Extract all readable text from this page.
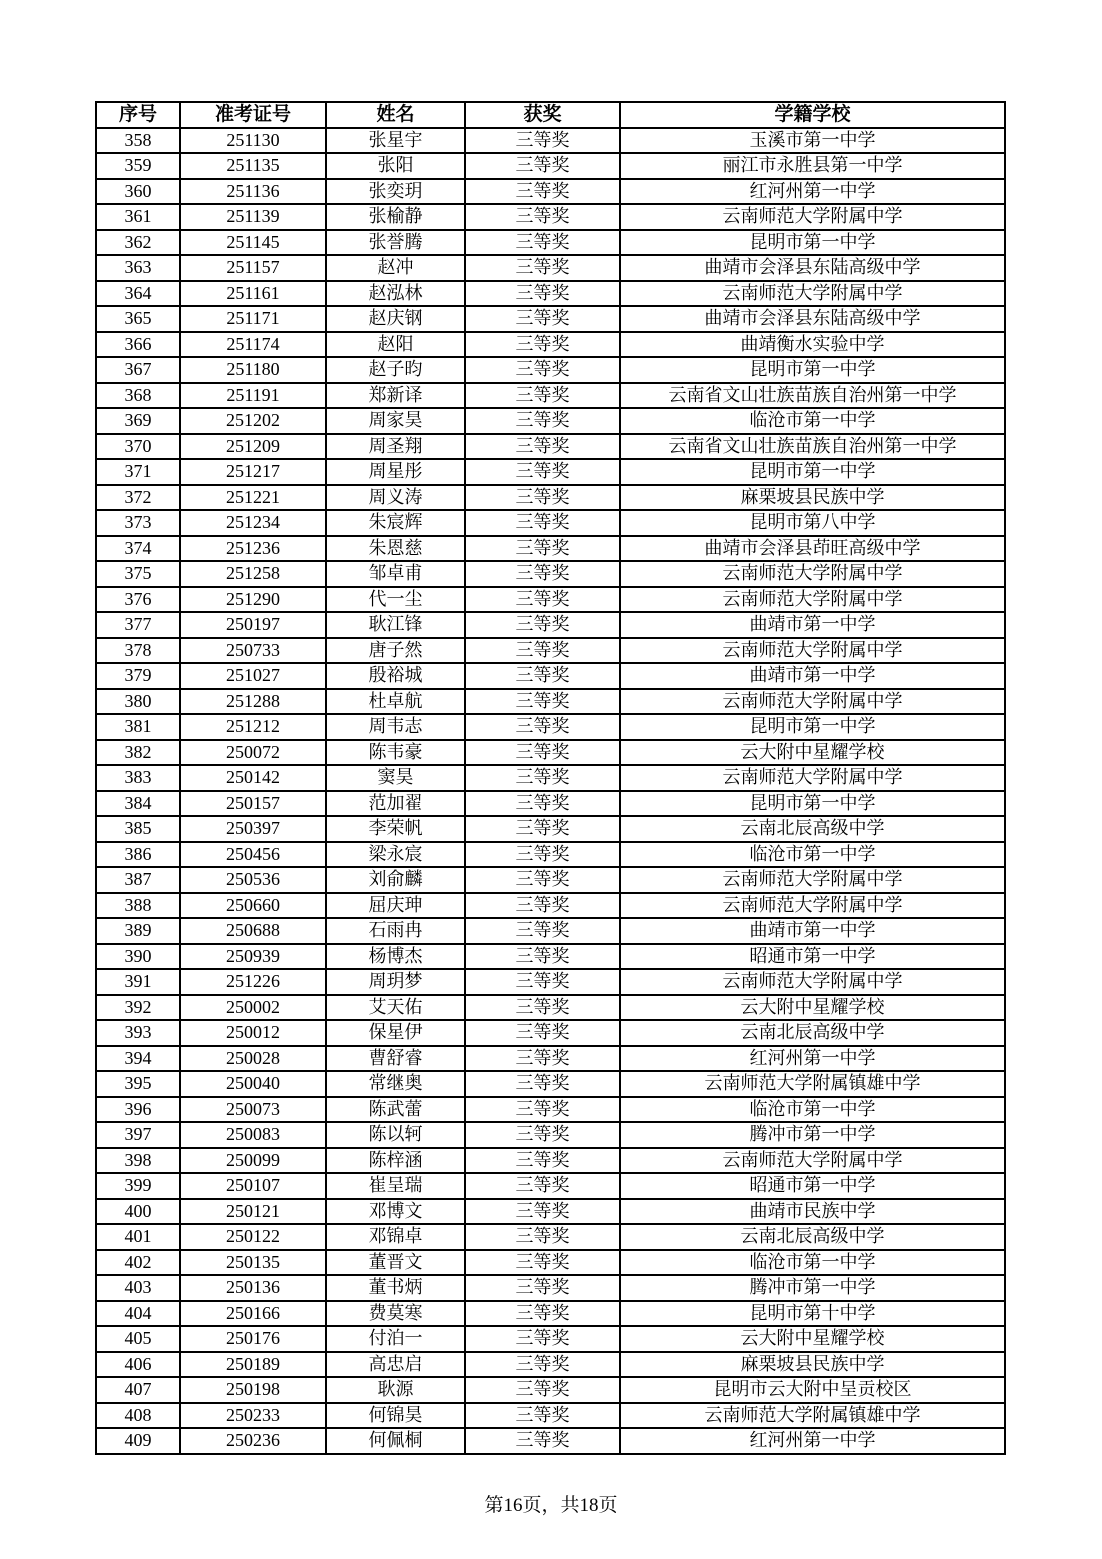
序号	准考证号	姓名	获奖	学籍学校
358	251130	张星宇	三等奖	玉溪市第一中学
359	251135	张阳	三等奖	丽江市永胜县第一中学
360	251136	张奕玥	三等奖	红河州第一中学
361	251139	张榆静	三等奖	云南师范大学附属中学
362	251145	张誉腾	三等奖	昆明市第一中学
363	251157	赵冲	三等奖	曲靖市会泽县东陆高级中学
364	251161	赵泓林	三等奖	云南师范大学附属中学
365	251171	赵庆钢	三等奖	曲靖市会泽县东陆高级中学
366	251174	赵阳	三等奖	曲靖衡水实验中学
367	251180	赵子昀	三等奖	昆明市第一中学
368	251191	郑新译	三等奖	云南省文山壮族苗族自治州第一中学
369	251202	周家昊	三等奖	临沧市第一中学
370	251209	周圣翔	三等奖	云南省文山壮族苗族自治州第一中学
371	251217	周星彤	三等奖	昆明市第一中学
372	251221	周义涛	三等奖	麻栗坡县民族中学
373	251234	朱宸辉	三等奖	昆明市第八中学
374	251236	朱恩慈	三等奖	曲靖市会泽县茚旺高级中学
375	251258	邹卓甫	三等奖	云南师范大学附属中学
376	251290	代一尘	三等奖	云南师范大学附属中学
377	250197	耿江锋	三等奖	曲靖市第一中学
378	250733	唐子然	三等奖	云南师范大学附属中学
379	251027	殷裕城	三等奖	曲靖市第一中学
380	251288	杜卓航	三等奖	云南师范大学附属中学
381	251212	周韦志	三等奖	昆明市第一中学
382	250072	陈韦豪	三等奖	云大附中星耀学校
383	250142	窦昊	三等奖	云南师范大学附属中学
384	250157	范加翟	三等奖	昆明市第一中学
385	250397	李荣帆	三等奖	云南北辰高级中学
386	250456	梁永宸	三等奖	临沧市第一中学
387	250536	刘俞麟	三等奖	云南师范大学附属中学
388	250660	屈庆珅	三等奖	云南师范大学附属中学
389	250688	石雨冉	三等奖	曲靖市第一中学
390	250939	杨博杰	三等奖	昭通市第一中学
391	251226	周玥梦	三等奖	云南师范大学附属中学
392	250002	艾天佑	三等奖	云大附中星耀学校
393	250012	保星伊	三等奖	云南北辰高级中学
394	250028	曹舒睿	三等奖	红河州第一中学
395	250040	常继奥	三等奖	云南师范大学附属镇雄中学
396	250073	陈武蕾	三等奖	临沧市第一中学
397	250083	陈以轲	三等奖	腾冲市第一中学
398	250099	陈梓涵	三等奖	云南师范大学附属中学
399	250107	崔呈瑞	三等奖	昭通市第一中学
400	250121	邓博文	三等奖	曲靖市民族中学
401	250122	邓锦卓	三等奖	云南北辰高级中学
402	250135	董晋文	三等奖	临沧市第一中学
403	250136	董书炳	三等奖	腾冲市第一中学
404	250166	费莫寒	三等奖	昆明市第十中学
405	250176	付泊一	三等奖	云大附中星耀学校
406	250189	高忠启	三等奖	麻栗坡县民族中学
407	250198	耿源	三等奖	昆明市云大附中呈贡校区
408	250233	何锦昊	三等奖	云南师范大学附属镇雄中学
409	250236	何佩桐	三等奖	红河州第一中学
第16页，共18页
